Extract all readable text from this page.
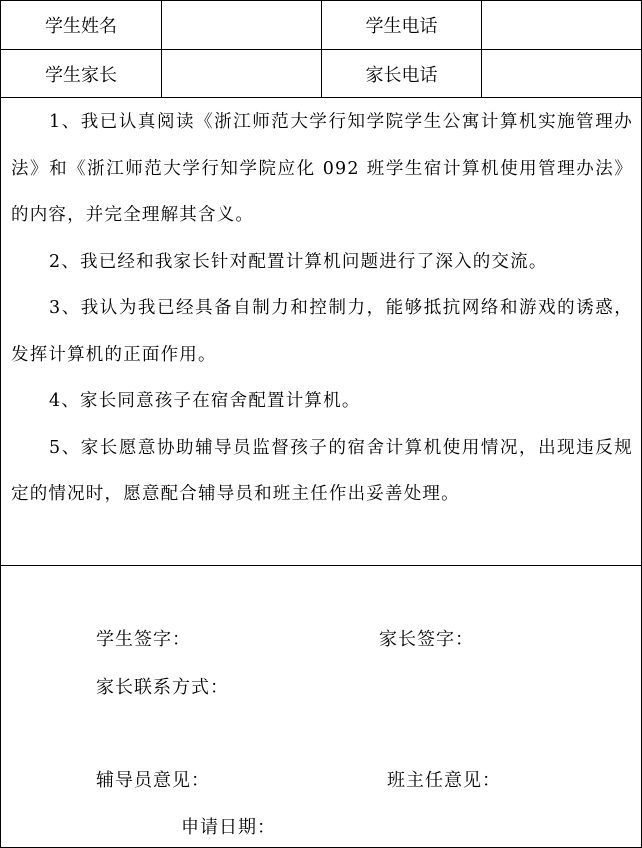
学生姓名	学生电话
学生家长	家长电话

1、我已认真阅读《浙江师范大学行知学院学生公寓计算机实施管理办法》和《浙江师范大学行知学院应化 092 班学生宿计算机使用管理办法》的内容，并完全理解其含义。

2、我已经和我家长针对配置计算机问题进行了深入的交流。

3、我认为我已经具备自制力和控制力，能够抵抗网络和游戏的诱惑，发挥计算机的正面作用。

4、家长同意孩子在宿舍配置计算机。

5、家长愿意协助辅导员监督孩子的宿舍计算机使用情况，出现违反规定的情况时，愿意配合辅导员和班主任作出妥善处理。

学生签字：	家长签字：
家长联系方式：
辅导员意见：	班主任意见：
申请日期：
